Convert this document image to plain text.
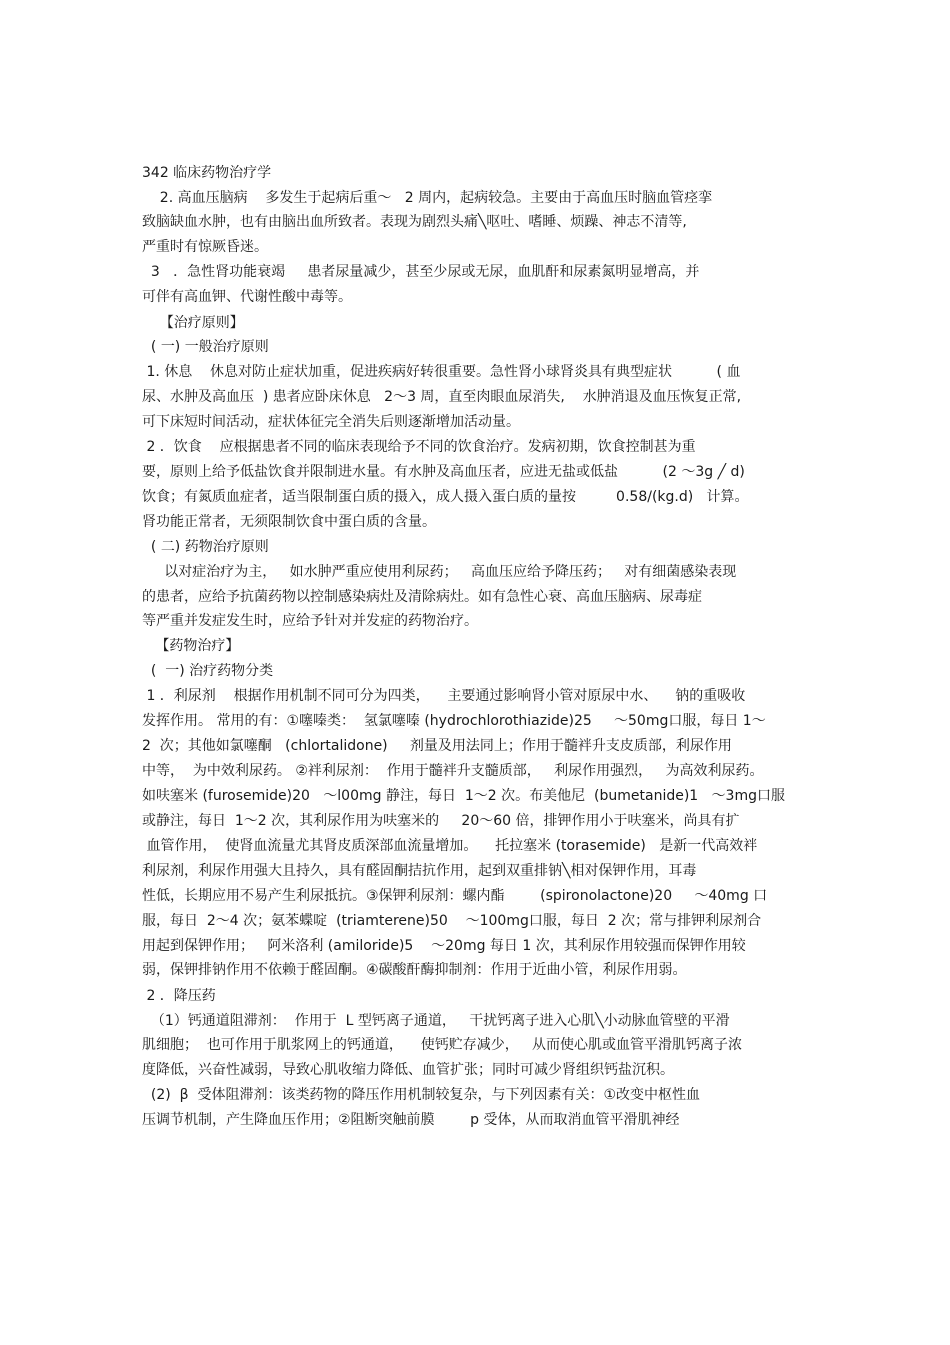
342 临床药物治疗学
2. 高血压脑病    多发生于起病后重～   2 周内，起病较急。主要由于高血压时脑血管痉挛
致脑缺血水肿，也有由脑出血所致者。表现为剧烈头痛╲呕吐、嗜睡、烦躁、神志不清等,
严重时有惊厥昏迷。
3   ．急性肾功能衰竭     患者尿量减少，甚至少尿或无尿，血肌酐和尿素氮明显增高，并
可伴有高血钾、代谢性酸中毒等。
【治疗原则】
( 一) 一般治疗原则
1. 休息    休息对防止症状加重，促进疾病好转很重要。急性肾小球肾炎具有典型症状          ( 血
尿、水肿及高血压  ) 患者应卧床休息   2～3 周，直至肉眼血尿消失,    水肿消退及血压恢复正常,
可下床短时间活动，症状体征完全消失后则逐渐增加活动量。
2 ．饮食    应根据患者不同的临床表现给予不同的饮食治疗。发病初期，饮食控制甚为重
要，原则上给予低盐饮食并限制进水量。有水肿及高血压者，应进无盐或低盐          (2 ～3g ╱ d)
饮食；有氮质血症者，适当限制蛋白质的摄入，成人摄入蛋白质的量按         0.58/(kg.d)   计算。
肾功能正常者，无须限制饮食中蛋白质的含量。
( 二) 药物治疗原则
以对症治疗为主，   如水肿严重应使用利尿药；   高血压应给予降压药；   对有细菌感染表现
的患者，应给予抗菌药物以控制感染病灶及清除病灶。如有急性心衰、高血压脑病、尿毒症
等严重并发症发生时，应给予针对并发症的药物治疗。
【药物治疗】
(  一) 治疗药物分类
1 ．利尿剂    根据作用机制不同可分为四类，    主要通过影响肾小管对原尿中水、    钠的重吸收
发挥作用。 常用的有：①噻嗪类：  氢氯噻嗪 (hydrochlorothiazide)25     ～50mg口服，每日 1～
2  次；其他如氯噻酮   (chlortalidone)     剂量及用法同上；作用于髓袢升支皮质部，利尿作用
中等，  为中效利尿药。 ②袢利尿剂：  作用于髓袢升支髓质部，   利尿作用强烈，   为高效利尿药。
如呋塞米 (furosemide)20   ～l00mg 静注，每日  1～2 次。布美他尼  (bumetanide)1   ～3mg口服
或静注，每日  1～2 次，其利尿作用为呋塞米的     20～60 倍，排钾作用小于呋塞米，尚具有扩
血管作用，  使肾血流量尤其肾皮质深部血流量增加。    托拉塞米 (torasemide)   是新一代高效袢
利尿剂，利尿作用强大且持久，具有醛固酮拮抗作用，起到双重排钠╲相对保钾作用，耳毒
性低，长期应用不易产生利尿抵抗。③保钾利尿剂：螺内酯        (spironolactone)20     ～40mg 口
服，每日  2～4 次；氨苯蝶啶  (triamterene)50    ～100mg口服，每日  2 次；常与排钾利尿剂合
用起到保钾作用；   阿米洛利 (amiloride)5    ～20mg 每日 1 次，其利尿作用较强而保钾作用较
弱，保钾排钠作用不依赖于醛固酮。④碳酸酐酶抑制剂：作用于近曲小管，利尿作用弱。
2 ．降压药
（1）钙通道阻滞剂：  作用于  L 型钙离子通道，   干扰钙离子进入心肌╲小动脉血管壁的平滑
肌细胞；  也可作用于肌浆网上的钙通道，    使钙贮存减少，   从而使心肌或血管平滑肌钙离子浓
度降低，兴奋性减弱，导致心肌收缩力降低、血管扩张；同时可减少肾组织钙盐沉积。
(2)  β  受体阻滞剂：该类药物的降压作用机制较复杂，与下列因素有关：①改变中枢性血
压调节机制，产生降血压作用；②阻断突触前膜        p 受体，从而取消血管平滑肌神经
